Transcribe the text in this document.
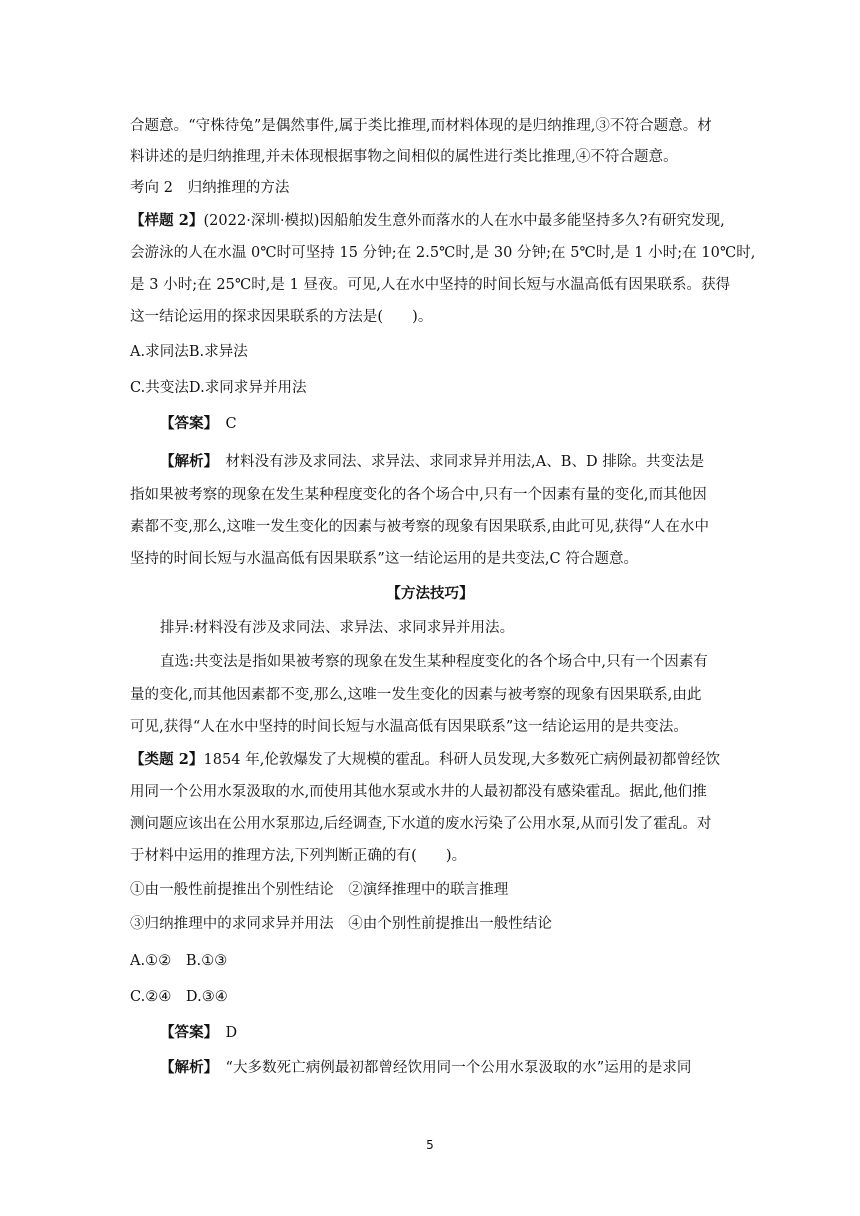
合题意。“守株待兔”是偶然事件,属于类比推理,而材料体现的是归纳推理,③不符合题意。材
料讲述的是归纳推理,并未体现根据事物之间相似的属性进行类比推理,④不符合题意。
考向 2　归纳推理的方法
【样题 2】(2022·深圳·模拟)因船舶发生意外而落水的人在水中最多能坚持多久?有研究发现,
会游泳的人在水温 0℃时可坚持 15 分钟;在 2.5℃时,是 30 分钟;在 5℃时,是 1 小时;在 10℃时,
是 3 小时;在 25℃时,是 1 昼夜。可见,人在水中坚持的时间长短与水温高低有因果联系。获得
这一结论运用的探求因果联系的方法是(　　)。
A.求同法B.求异法
C.共变法D.求同求异并用法
【答案】　C
【解析】　材料没有涉及求同法、求异法、求同求异并用法,A、B、D 排除。共变法是
指如果被考察的现象在发生某种程度变化的各个场合中,只有一个因素有量的变化,而其他因
素都不变,那么,这唯一发生变化的因素与被考察的现象有因果联系,由此可见,获得“人在水中
坚持的时间长短与水温高低有因果联系”这一结论运用的是共变法,C 符合题意。
【方法技巧】
排异:材料没有涉及求同法、求异法、求同求异并用法。
直选:共变法是指如果被考察的现象在发生某种程度变化的各个场合中,只有一个因素有
量的变化,而其他因素都不变,那么,这唯一发生变化的因素与被考察的现象有因果联系,由此
可见,获得“人在水中坚持的时间长短与水温高低有因果联系”这一结论运用的是共变法。
【类题 2】1854 年,伦敦爆发了大规模的霍乱。科研人员发现,大多数死亡病例最初都曾经饮
用同一个公用水泵汲取的水,而使用其他水泵或水井的人最初都没有感染霍乱。据此,他们推
测问题应该出在公用水泵那边,后经调查,下水道的废水污染了公用水泵,从而引发了霍乱。对
于材料中运用的推理方法,下列判断正确的有(　　)。
①由一般性前提推出个别性结论　②演绎推理中的联言推理
③归纳推理中的求同求异并用法　④由个别性前提推出一般性结论
A.①②　B.①③
C.②④　D.③④
【答案】　D
【解析】　“大多数死亡病例最初都曾经饮用同一个公用水泵汲取的水”运用的是求同
5
